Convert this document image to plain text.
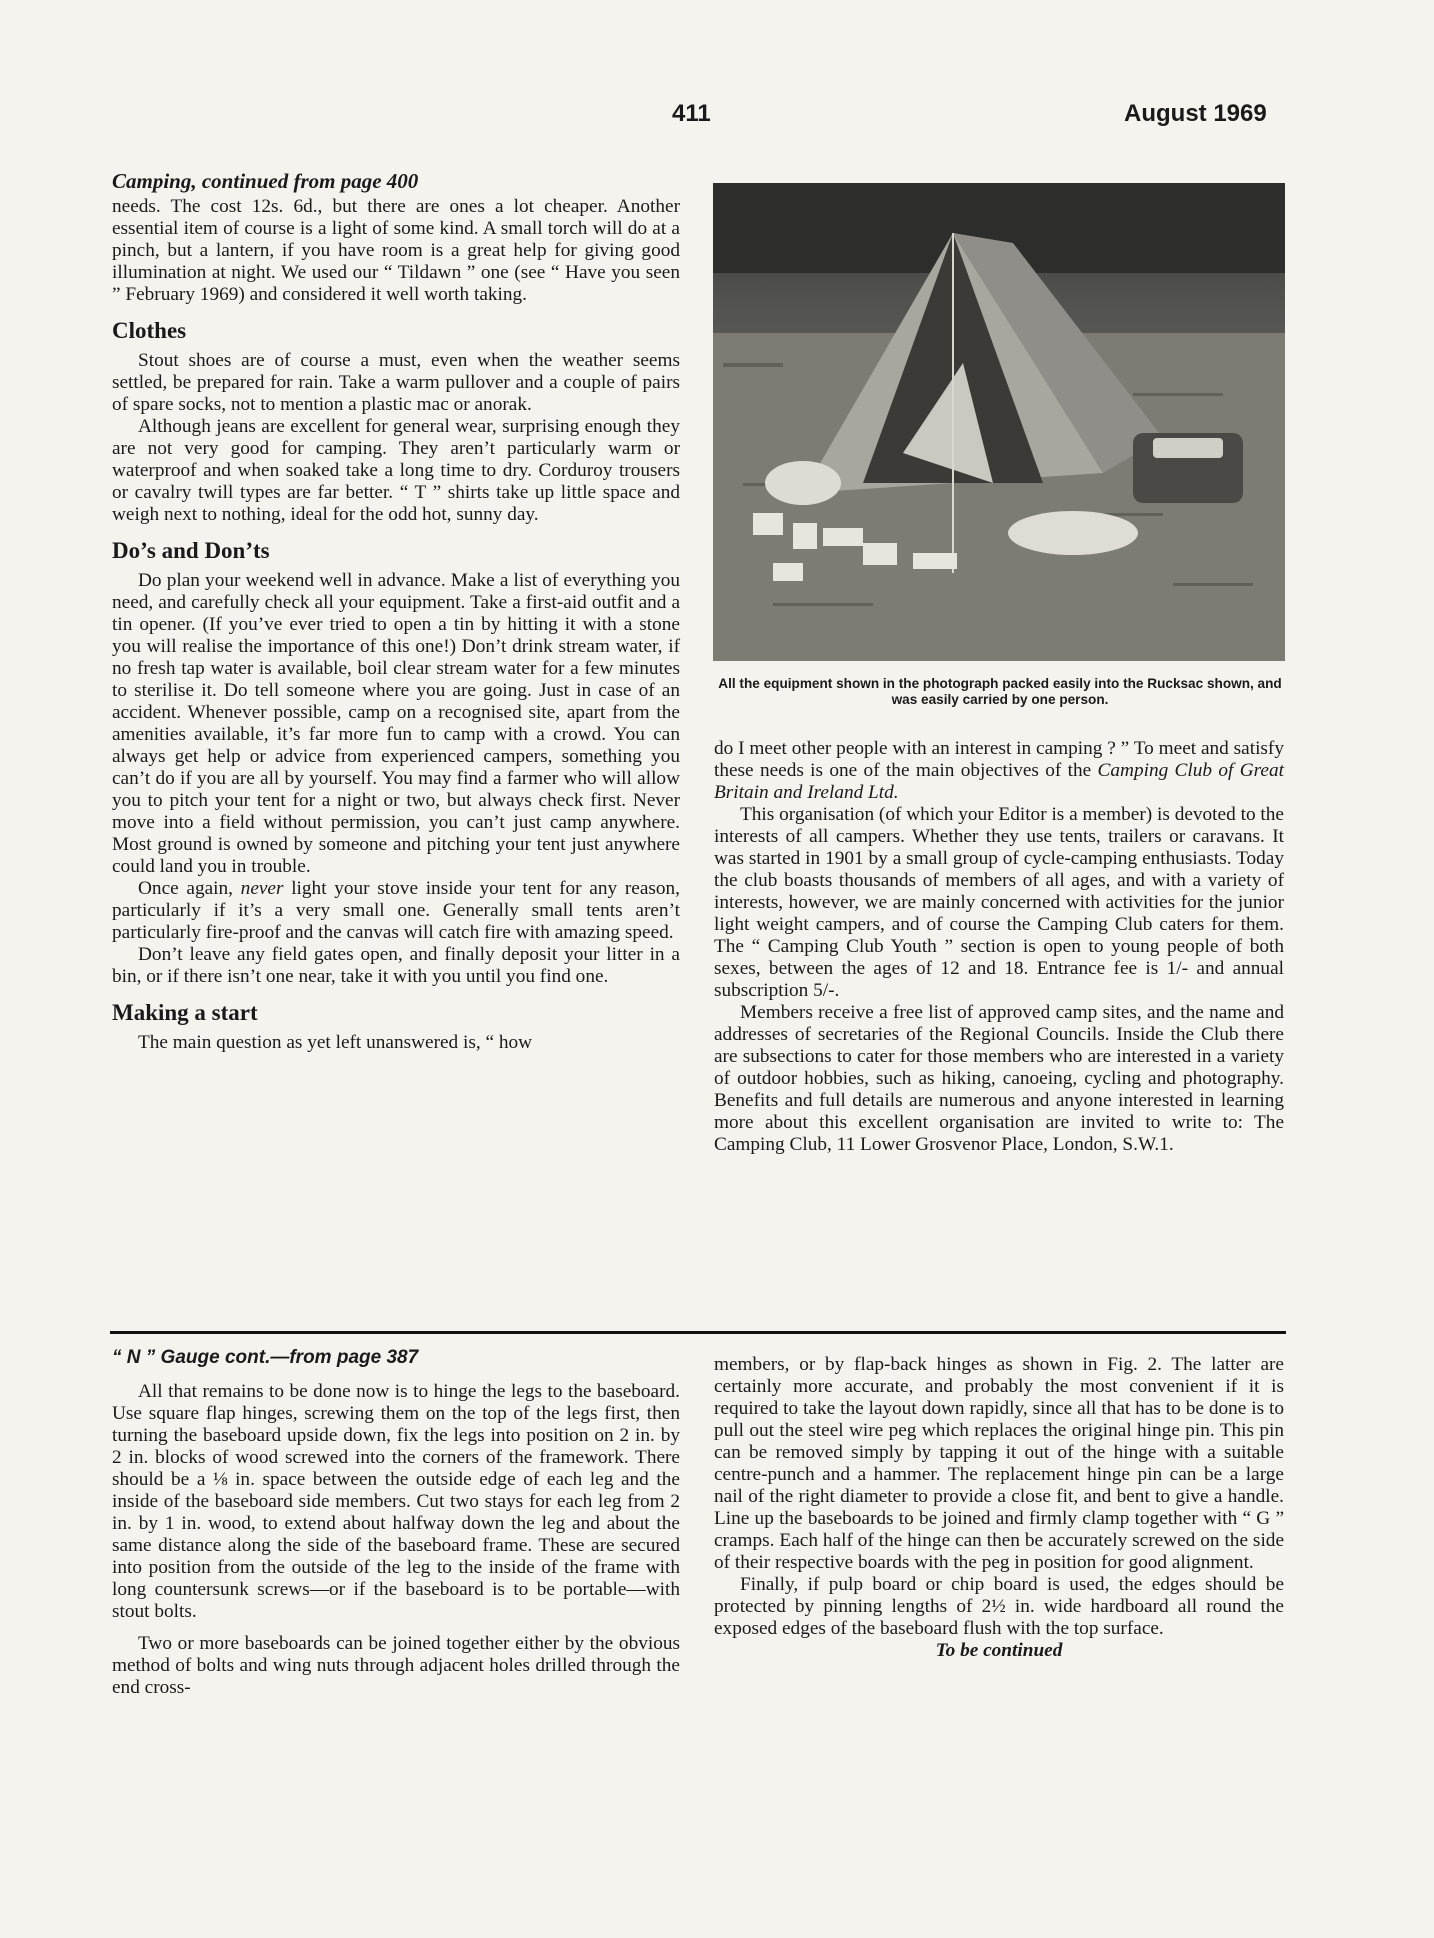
411	August 1969
Camping, continued from page 400

needs. The cost 12s. 6d., but there are ones a lot cheaper. Another essential item of course is a light of some kind. A small torch will do at a pinch, but a lantern, if you have room is a great help for giving good illumination at night. We used our “ Tildawn ” one (see “ Have you seen ” February 1969) and considered it well worth taking.

Clothes

Stout shoes are of course a must, even when the weather seems settled, be prepared for rain. Take a warm pullover and a couple of pairs of spare socks, not to mention a plastic mac or anorak.

Although jeans are excellent for general wear, surprising enough they are not very good for camping. They aren’t particularly warm or waterproof and when soaked take a long time to dry. Corduroy trousers or cavalry twill types are far better. “ T ” shirts take up little space and weigh next to nothing, ideal for the odd hot, sunny day.

Do’s and Don’ts

Do plan your weekend well in advance. Make a list of everything you need, and carefully check all your equipment. Take a first-aid outfit and a tin opener. (If you’ve ever tried to open a tin by hitting it with a stone you will realise the importance of this one!) Don’t drink stream water, if no fresh tap water is available, boil clear stream water for a few minutes to sterilise it. Do tell someone where you are going. Just in case of an accident. Whenever possible, camp on a recognised site, apart from the amenities available, it’s far more fun to camp with a crowd. You can always get help or advice from experienced campers, something you can’t do if you are all by yourself. You may find a farmer who will allow you to pitch your tent for a night or two, but always check first. Never move into a field without permission, you can’t just camp anywhere. Most ground is owned by someone and pitching your tent just anywhere could land you in trouble.

Once again, never light your stove inside your tent for any reason, particularly if it’s a very small one. Generally small tents aren’t particularly fire-proof and the canvas will catch fire with amazing speed.

Don’t leave any field gates open, and finally deposit your litter in a bin, or if there isn’t one near, take it with you until you find one.

Making a start

The main question as yet left unanswered is, “ how

All the equipment shown in the photograph packed easily into the Rucksac shown, and was easily carried by one person.

do I meet other people with an interest in camping ? ” To meet and satisfy these needs is one of the main objectives of the Camping Club of Great Britain and Ireland Ltd.

This organisation (of which your Editor is a member) is devoted to the interests of all campers. Whether they use tents, trailers or caravans. It was started in 1901 by a small group of cycle-camping enthusiasts. Today the club boasts thousands of members of all ages, and with a variety of interests, however, we are mainly concerned with activities for the junior light weight campers, and of course the Camping Club caters for them. The “ Camping Club Youth ” section is open to young people of both sexes, between the ages of 12 and 18. Entrance fee is 1/- and annual subscription 5/-.

Members receive a free list of approved camp sites, and the name and addresses of secretaries of the Regional Councils. Inside the Club there are subsections to cater for those members who are interested in a variety of outdoor hobbies, such as hiking, canoeing, cycling and photography. Benefits and full details are numerous and anyone interested in learning more about this excellent organisation are invited to write to: The Camping Club, 11 Lower Grosvenor Place, London, S.W.1.

“ N ” Gauge cont.—from page 387

All that remains to be done now is to hinge the legs to the baseboard. Use square flap hinges, screwing them on the top of the legs first, then turning the baseboard upside down, fix the legs into position on 2 in. by 2 in. blocks of wood screwed into the corners of the framework. There should be a ⅛ in. space between the outside edge of each leg and the inside of the baseboard side members. Cut two stays for each leg from 2 in. by 1 in. wood, to extend about halfway down the leg and about the same distance along the side of the baseboard frame. These are secured into position from the outside of the leg to the inside of the frame with long countersunk screws—or if the baseboard is to be portable—with stout bolts.

Two or more baseboards can be joined together either by the obvious method of bolts and wing nuts through adjacent holes drilled through the end cross-

members, or by flap-back hinges as shown in Fig. 2. The latter are certainly more accurate, and probably the most convenient if it is required to take the layout down rapidly, since all that has to be done is to pull out the steel wire peg which replaces the original hinge pin. This pin can be removed simply by tapping it out of the hinge with a suitable centre-punch and a hammer. The replacement hinge pin can be a large nail of the right diameter to provide a close fit, and bent to give a handle. Line up the baseboards to be joined and firmly clamp together with “ G ” cramps. Each half of the hinge can then be accurately screwed on the side of their respective boards with the peg in position for good alignment.

Finally, if pulp board or chip board is used, the edges should be protected by pinning lengths of 2½ in. wide hardboard all round the exposed edges of the baseboard flush with the top surface.

To be continued
